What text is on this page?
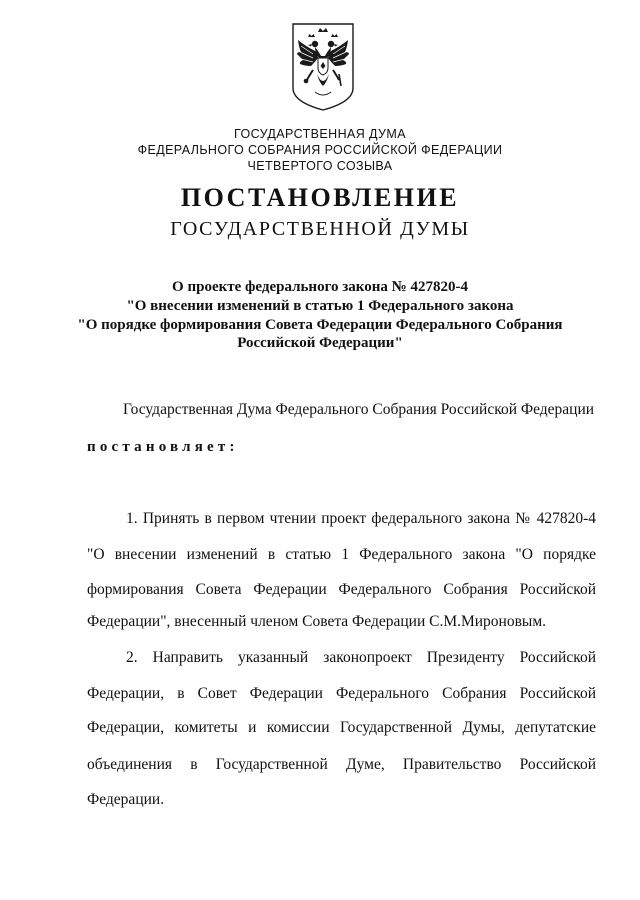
ГОСУДАРСТВЕННАЯ ДУМА
ФЕДЕРАЛЬНОГО СОБРАНИЯ РОССИЙСКОЙ ФЕДЕРАЦИИ
ЧЕТВЕРТОГО СОЗЫВА
ПОСТАНОВЛЕНИЕ
ГОСУДАРСТВЕННОЙ ДУМЫ
О проекте федерального закона № 427820-4
"О внесении изменений в статью 1 Федерального закона
"О порядке формирования Совета Федерации Федерального Собрания
Российской Федерации"
Государственная Дума Федерального Собрания Российской Федерации
постановляет:
1. Принять в первом чтении проект федерального закона № 427820-4
"О внесении изменений в статью 1 Федерального закона "О порядке
формирования Совета Федерации Федерального Собрания Российской
Федерации", внесенный членом Совета Федерации С.М.Мироновым.
2. Направить указанный законопроект Президенту Российской
Федерации, в Совет Федерации Федерального Собрания Российской
Федерации, комитеты и комиссии Государственной Думы, депутатские
объединения в Государственной Думе, Правительство Российской
Федерации.
